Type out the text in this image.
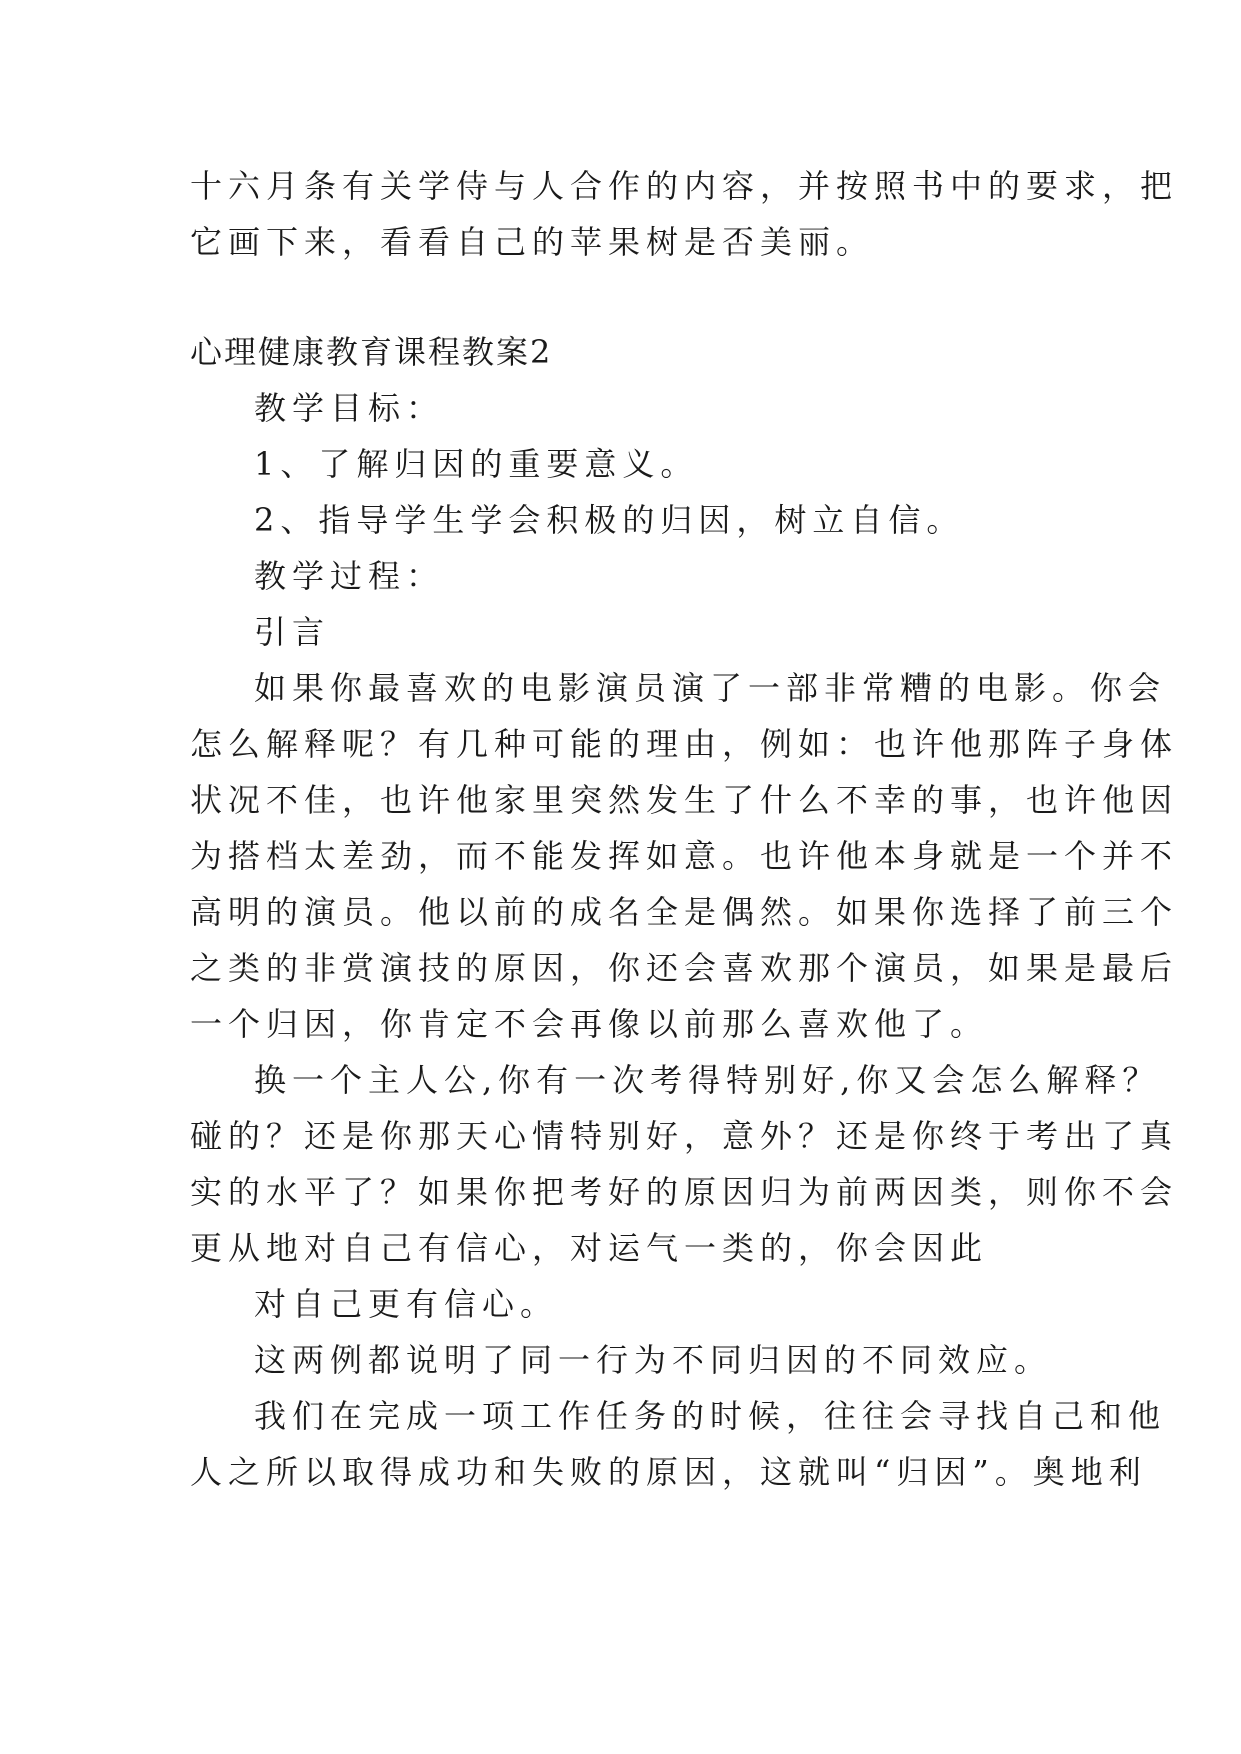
十六月条有关学侍与人合作的内容，并按照书中的要求，把
它画下来，看看自己的苹果树是否美丽。
心理健康教育课程教案2
教学目标：
1、了解归因的重要意义。
2、指导学生学会积极的归因，树立自信。
教学过程：
引言
如果你最喜欢的电影演员演了一部非常糟的电影。你会
怎么解释呢？有几种可能的理由，例如：也许他那阵子身体
状况不佳，也许他家里突然发生了什么不幸的事，也许他因
为搭档太差劲，而不能发挥如意。也许他本身就是一个并不
高明的演员。他以前的成名全是偶然。如果你选择了前三个
之类的非赏演技的原因，你还会喜欢那个演员，如果是最后
一个归因，你肯定不会再像以前那么喜欢他了。
换一个主人公,你有一次考得特别好,你又会怎么解释？
碰的？还是你那天心情特别好，意外？还是你终于考出了真
实的水平了？如果你把考好的原因归为前两因类，则你不会
更从地对自己有信心，对运气一类的，你会因此
对自己更有信心。
这两例都说明了同一行为不同归因的不同效应。
我们在完成一项工作任务的时候，往往会寻找自己和他
人之所以取得成功和失败的原因，这就叫“归因”。奥地利
